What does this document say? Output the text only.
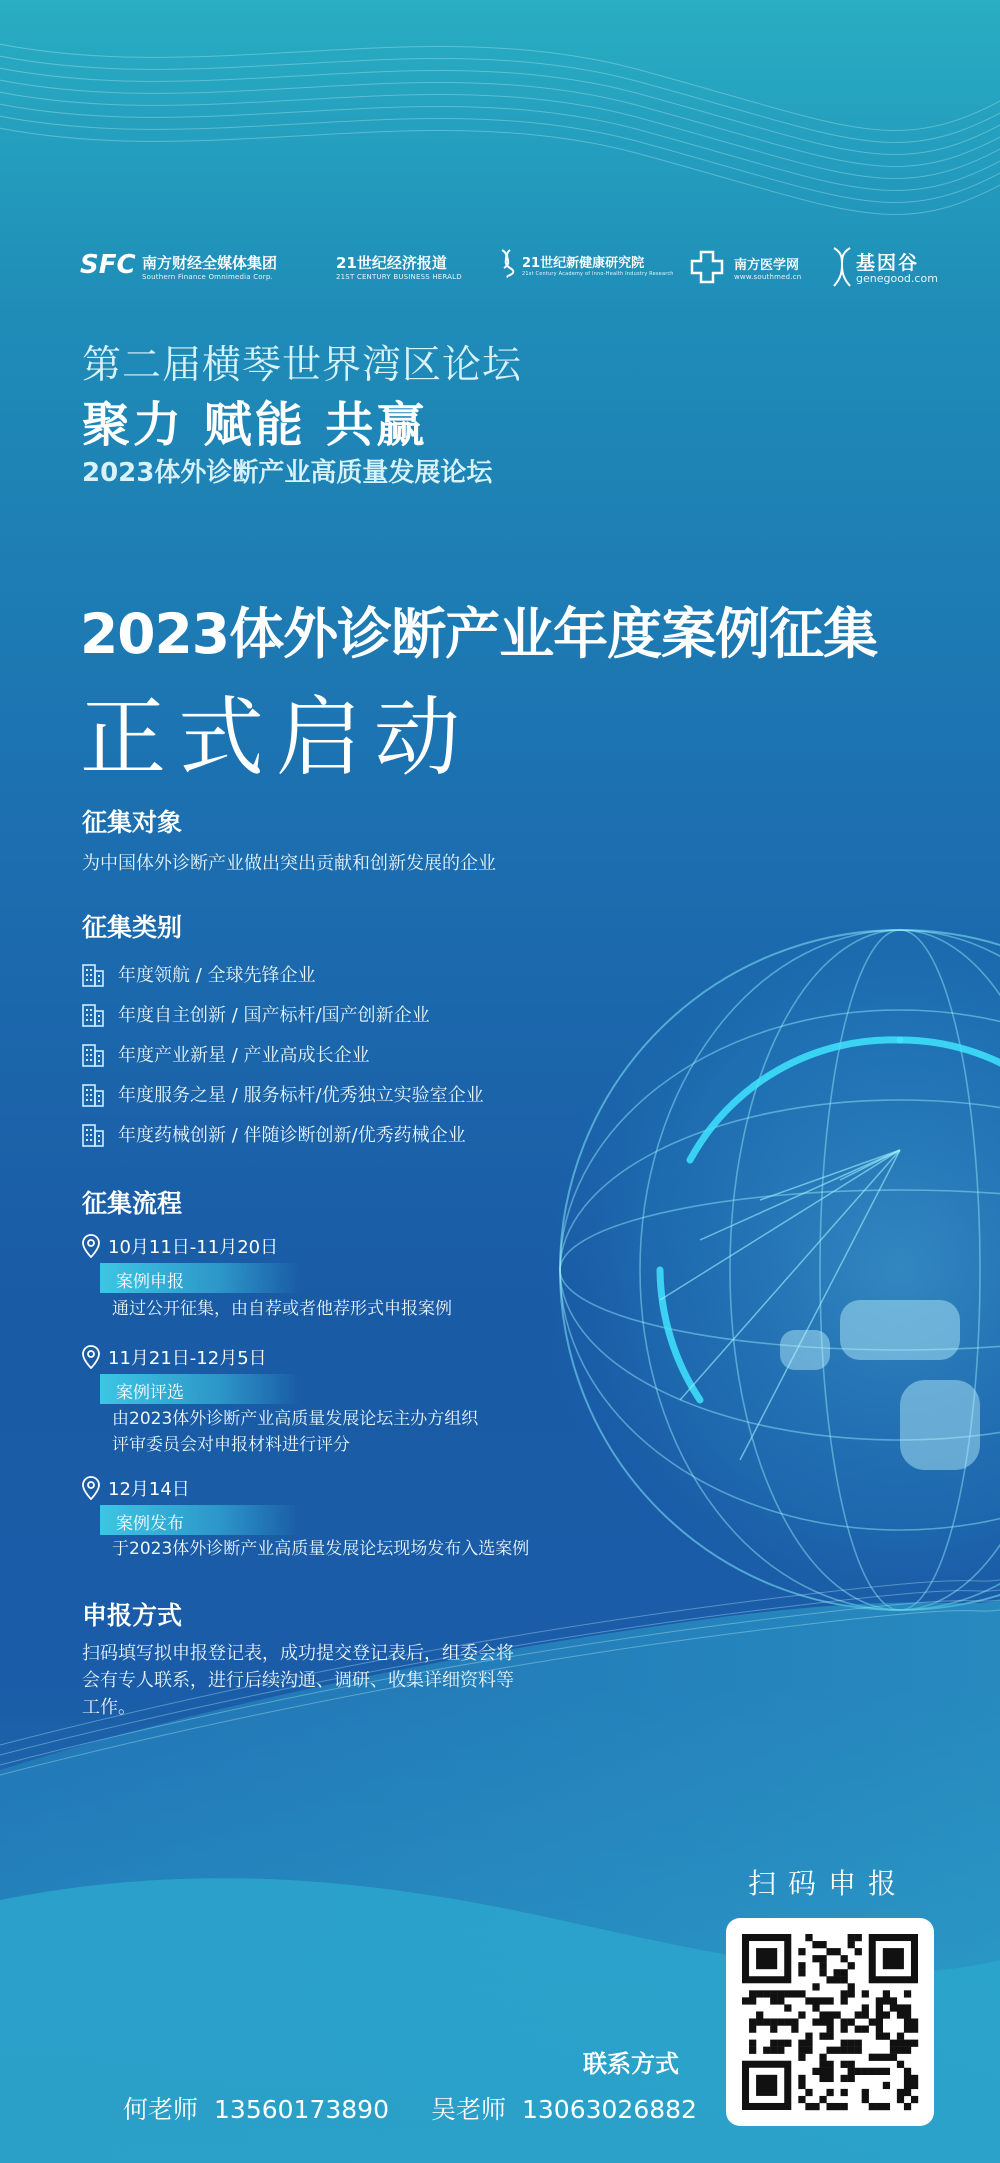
SFC 南方财经全媒体集团
Southern Finance Omnimedia Corp.
21世纪经济报道
21ST CENTURY BUSINESS HERALD
21世纪新健康研究院
21st Century Academy of Inno-Health Industry Research
南方医学网
www.southmed.cn
基因谷
genegood.com
第二届横琴世界湾区论坛
聚力 赋能 共赢
2023体外诊断产业高质量发展论坛
2023体外诊断产业年度案例征集
正式启动
征集对象
为中国体外诊断产业做出突出贡献和创新发展的企业
征集类别
年度领航 / 全球先锋企业
年度自主创新 / 国产标杆/国产创新企业
年度产业新星 / 产业高成长企业
年度服务之星 / 服务标杆/优秀独立实验室企业
年度药械创新 / 伴随诊断创新/优秀药械企业
征集流程
10月11日-11月20日
案例申报
通过公开征集，由自荐或者他荐形式申报案例
11月21日-12月5日
案例评选
由2023体外诊断产业高质量发展论坛主办方组织
评审委员会对申报材料进行评分
12月14日
案例发布
于2023体外诊断产业高质量发展论坛现场发布入选案例
申报方式
扫码填写拟申报登记表，成功提交登记表后，组委会将
会有专人联系，进行后续沟通、调研、收集详细资料等
工作。
扫码申报
联系方式
何老师 13560173890 吴老师 13063026882
